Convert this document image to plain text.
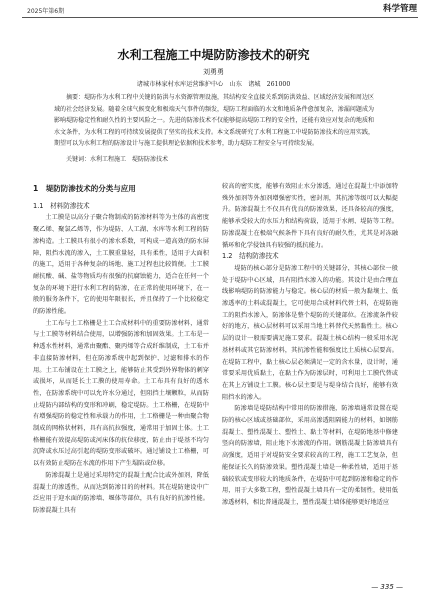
2025年第6期	科学管理
水利工程施工中堤防防渗技术的研究
刘勇勇
诸城市林家村水库运营维护中心　山东　诸城　261000
摘要：堤防作为水利工程中关键的防洪与水资源管理设施，其结构安全直接关系到防洪效益、区域经济发展和周边区域的社会经济发展。随着全球气候变化和极端天气事件的频发，堤防工程面临的水文和地质条件愈加复杂，渗漏问题成为影响堤防稳定性和耐久性的主要风险之一。先进的防渗技术不仅能够提高堤防工程的安全性，还能有效应对复杂的地质和水文条件，为水利工程的可持续发展提供了坚实的技术支持。本文系统研究了水利工程施工中堤防防渗技术的应用实践，期望可以为水利工程的防渗设计与施工提供理论依据和技术参考，助力堤防工程安全与可持续发展。
关键词：水利工程施工　堤防防渗技术
1　堤防防渗技术的分类与应用
1.1　材料防渗技术

土工膜是以高分子聚合物制成的防渗材料等为主体的高密度聚乙烯、聚氯乙烯等，作为堤防、人工湖、水库等水利工程的防渗构造。土工膜具有很小的渗水系数，可构成一道高效的防水屏障，阻挡水流的渗入，土工膜重量轻，具有柔性，适用于大面积的施工，适用于各种复杂的场地、施工过程也比较简便。土工膜耐抗酸、碱、盐等物质均有很强的抗腐蚀能力，适合在任何一个复杂的环境下进行水利工程的防渗，在正常的使用环境下，在一般的服务条件下，它的使用年限很长，并且保持了一个比较稳定的防渗性能。

土工布与土工格栅是土工合成材料中的重要防渗材料，通常与土工膜等材料结合使用，以增强防渗和加固效果。土工布是一种透水性材料，通常由聚酯、聚丙烯等合成纤维制成，土工布并非直接防渗材料，但在防渗系统中起到保护、过滤和排水的作用。土工布铺设在土工膜之上，能够防止其受到外界物体的刺穿或损坏，从而延长土工膜的使用寿命。土工布具有良好的透水性，在防渗系统中可以允许水分通过，但阻挡土壤颗粒，从而防止堤防内部结构的变形和冲刷，稳定堤防。土工格栅，在堤防中有增强堤防的稳定性和承载力的作用，土工格栅是一种由聚合物制成的网格状材料，具有高抗拉强度，通常用于加固土体。土工格栅能有效提高堤防或河床体的抗位移度，防止由于堤基不均匀沉降或水压过高引起的堤防变形或破坏。通过铺设土工格栅，可以有效防止堤防在水流的作用下产生塌陷或位移。

防渗混凝土是通过采用特定的混凝土配合比或外加剂，降低混凝土的渗透性，从而达到防渗目的的材料。其在堤防建设中广泛应用于迎水面的防渗墙、堰体等部位，具有良好的抗渗性能。防渗混凝土具有

较高的密实度，能够有效阻止水分渗透，通过在混凝土中添加特殊外加剂等外加剂增强密实性，密封剂，其抗渗等级可以大幅提升。防渗混凝土不仅具有优良的防渗效果，还具备较高的强度，能够承受较大的水压力和结构荷载，适用于水闸、堤防等工程。防渗混凝土在极端气候条件下具有良好的耐久性，尤其是对冻融循环和化学侵蚀具有较强的抵抗能力。

1.2　结构防渗技术

堤防的核心部分是防渗工程中的关键部分，其核心部位一般处于堤防中心区域，具有阻挡水渗入的功能。其设计是由合理直线影响堤防的防渗能力与稳定。核心层的材质一般为黏壤土、低渗透率的土料或混凝土，它可使用合成材料代替土料，在堤防施工的阻挡水渗入，防渗体是整个堤防的关键部位。在渗流条件较好的地方，核心层材料可以采用当地土料替代天然黏性土。核心层的设计一般需要满足施工要求。混凝土核心结构一般采用水泥基材料或其它防渗材料，其抗渗性能和强度比土质核心层要高。在堤防工程中，黏土核心层必须满足一定的含水量，设计时，通常要采用优质黏土，在黏土作为防渗层时，可利用土工膜代替或在其上方铺设土工膜。核心层主要是与堤身结合良好，能够有效阻挡水的渗入。

防渗墙是堤防结构中常用的防渗措施，防渗墙通常设置在堤防的核心区域或基础部位，采用高渗透阻隔能力的材料，如钢筋混凝土、塑性混凝土、塑性土、黏土等材料，在堤防地基中修建竖向的防渗墙，阻止地下水渗流的作用。钢筋混凝土防渗墙具有高强度，适用于对堤防安全要求较高的工程，施工工艺复杂，但能保证长久的防渗效果。塑性混凝土墙是一种柔性墙，适用于基础较软或变形较大的地质条件，在堤防中可起到防渗和稳定的作用，用于大多数工程，塑性混凝土墙具有一定的柔韧性，使用低渗透材料，相比普通混凝土，塑性混凝土墙体能够更好地适应

— 335 —
